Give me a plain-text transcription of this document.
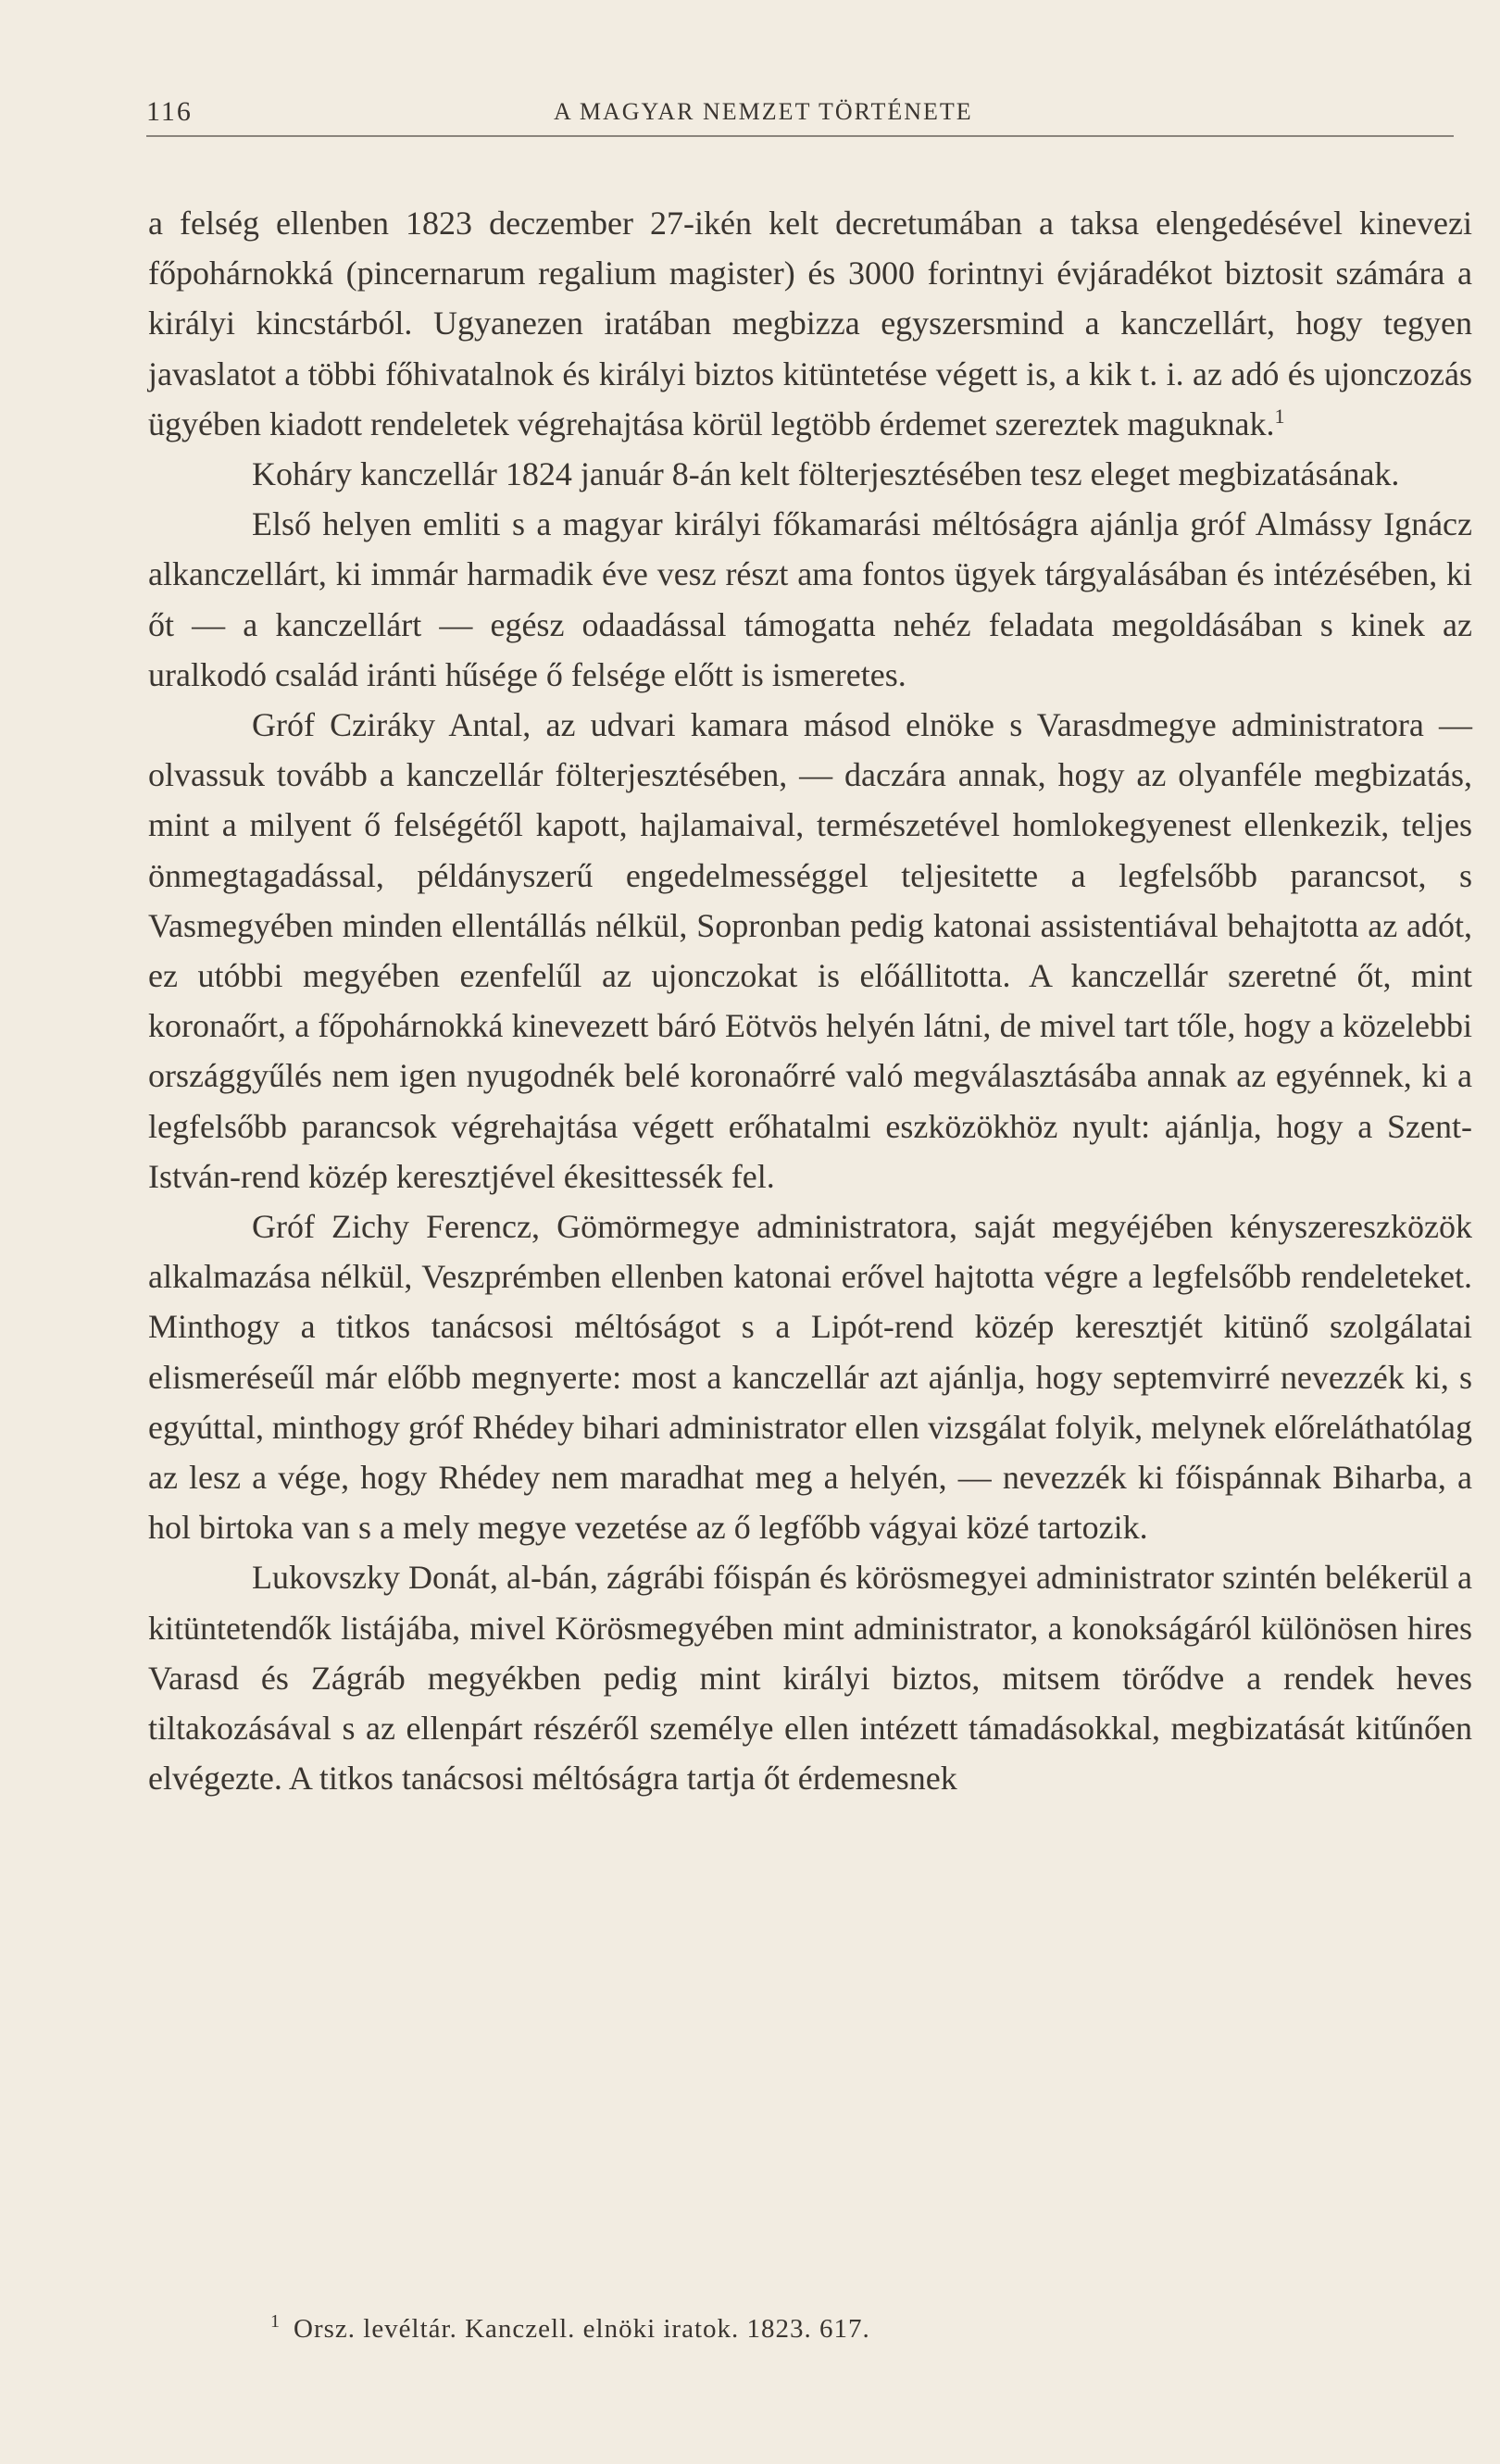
116	A MAGYAR NEMZET TÖRTÉNETE

a felség ellenben 1823 deczember 27-ikén kelt decretumában a taksa elengedésével kinevezi főpohárnokká (pincernarum regalium magister) és 3000 forintnyi évjáradékot biztosit számára a királyi kincstárból. Ugyanezen iratában megbizza egyszersmind a kanczellárt, hogy tegyen javaslatot a többi főhivatalnok és királyi biztos kitüntetése végett is, a kik t. i. az adó és ujonczozás ügyében kiadott rendeletek végrehajtása körül legtöbb érdemet szereztek maguknak.$^1$

Koháry kanczellár 1824 január 8-án kelt fölterjesztésében tesz eleget megbizatásának.

Első helyen emliti s a magyar királyi főkamarási méltóságra ajánlja gróf Almássy Ignácz alkanczellárt, ki immár harmadik éve vesz részt ama fontos ügyek tárgyalásában és intézésében, ki őt — a kanczellárt — egész odaadással támogatta nehéz feladata megoldásában s kinek az uralkodó család iránti hűsége ő felsége előtt is ismeretes.

Gróf Cziráky Antal, az udvari kamara másod elnöke s Varasdmegye administratora — olvassuk tovább a kanczellár fölterjesztésében, — daczára annak, hogy az olyanféle megbizatás, mint a milyent ő felségétől kapott, hajlamaival, természetével homlokegyenest ellenkezik, teljes önmegtagadással, példányszerű engedelmességgel teljesitette a legfelsőbb parancsot, s Vasmegyében minden ellentállás nélkül, Sopronban pedig katonai assistentiával behajtotta az adót, ez utóbbi megyében ezenfelűl az ujonczokat is előállitotta. A kanczellár szeretné őt, mint koronaőrt, a főpohárnokká kinevezett báró Eötvös helyén látni, de mivel tart tőle, hogy a közelebbi országgyűlés nem igen nyugodnék belé koronaőrré való megválasztásába annak az egyénnek, ki a legfelsőbb parancsok végrehajtása végett erőhatalmi eszközökhöz nyult: ajánlja, hogy a Szent-István-rend közép keresztjével ékesittessék fel.

Gróf Zichy Ferencz, Gömörmegye administratora, saját megyéjében kényszereszközök alkalmazása nélkül, Veszprémben ellenben katonai erővel hajtotta végre a legfelsőbb rendeleteket. Minthogy a titkos tanácsosi méltóságot s a Lipót-rend közép keresztjét kitünő szolgálatai elismeréseűl már előbb megnyerte: most a kanczellár azt ajánlja, hogy septemvirré nevezzék ki, s egyúttal, minthogy gróf Rhédey bihari administrator ellen vizsgálat folyik, melynek előreláthatólag az lesz a vége, hogy Rhédey nem maradhat meg a helyén, — nevezzék ki főispánnak Biharba, a hol birtoka van s a mely megye vezetése az ő legfőbb vágyai közé tartozik.

Lukovszky Donát, al-bán, zágrábi főispán és körösmegyei administrator szintén belékerül a kitüntetendők listájába, mivel Körösmegyében mint administrator, a konokságáról különösen hires Varasd és Zágráb megyékben pedig mint királyi biztos, mitsem törődve a rendek heves tiltakozásával s az ellenpárt részéről személye ellen intézett támadásokkal, megbizatását kitűnően elvégezte. A titkos tanácsosi méltóságra tartja őt érdemesnek

$^1$ Orsz. levéltár. Kanczell. elnöki iratok. 1823. 617.
